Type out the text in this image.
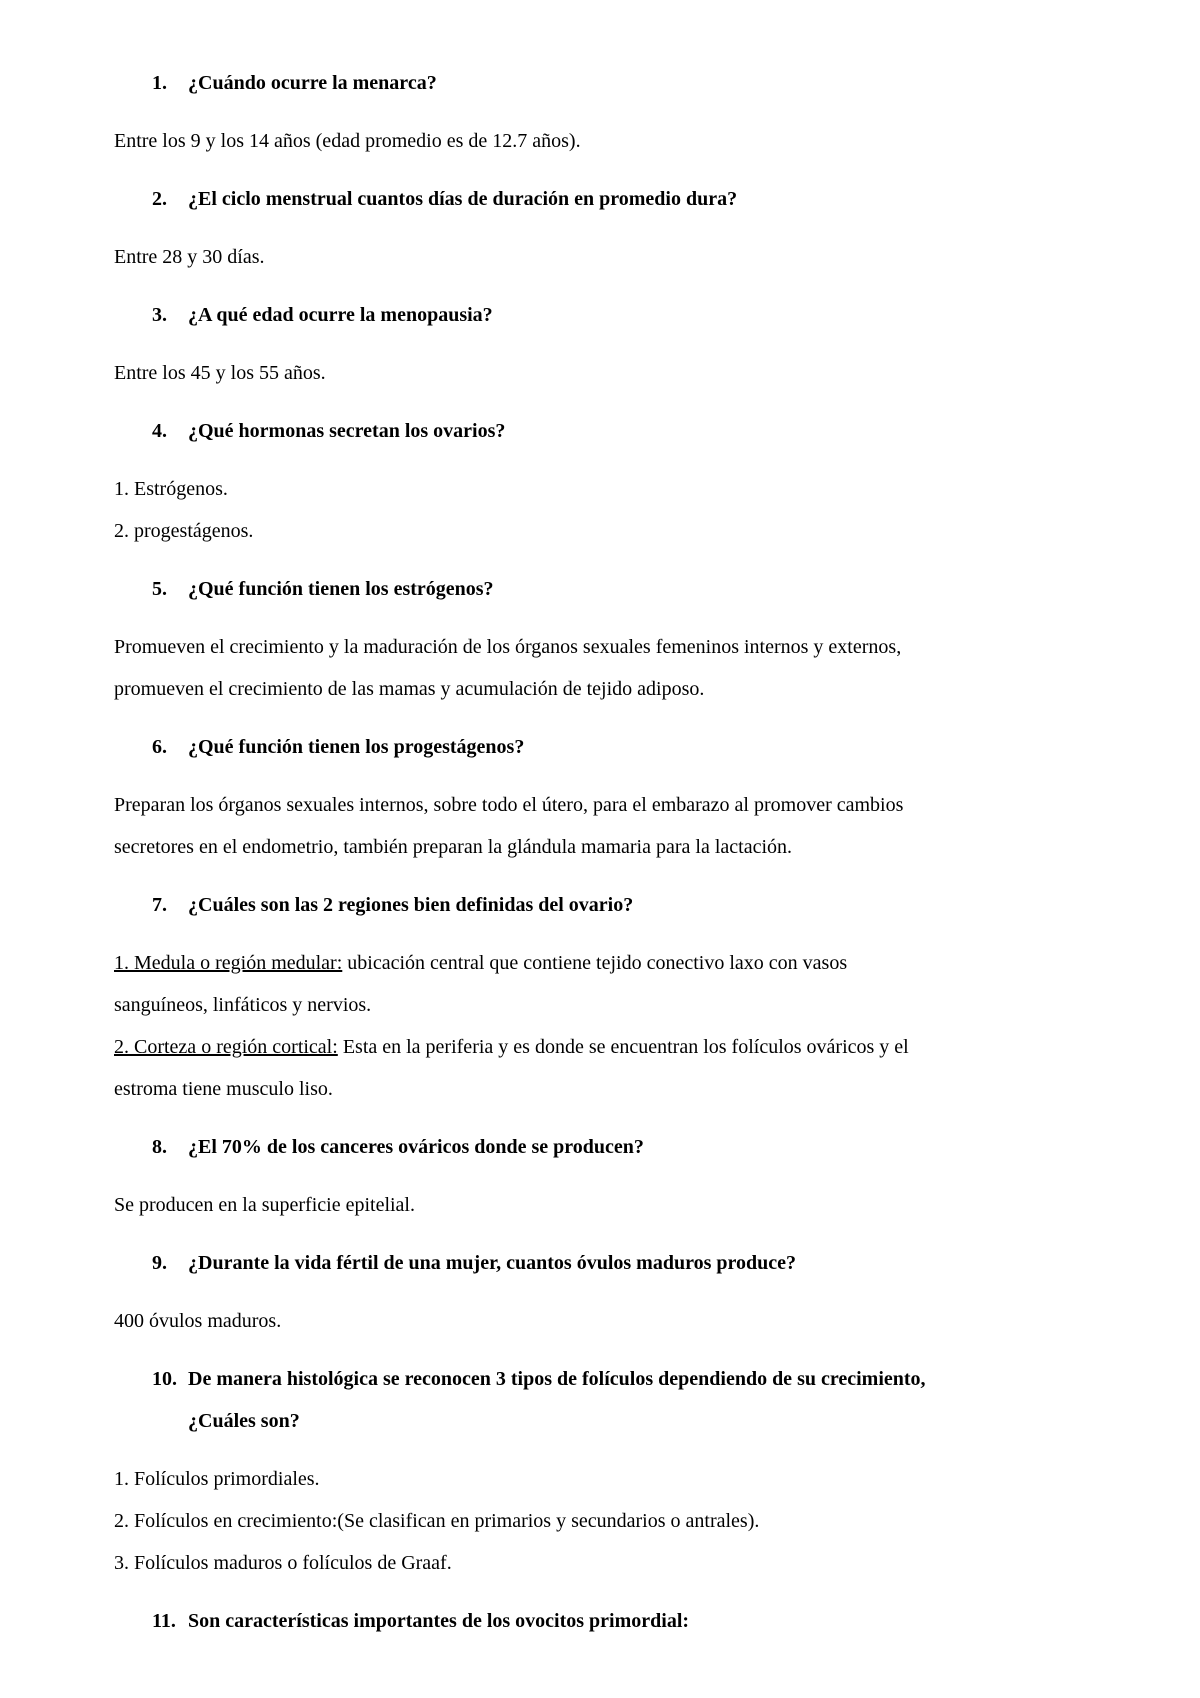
1. ¿Cuándo ocurre la menarca?
Entre los 9 y los 14 años (edad promedio es de 12.7 años).
2. ¿El ciclo menstrual cuantos días de duración en promedio dura?
Entre 28 y 30 días.
3. ¿A qué edad ocurre la menopausia?
Entre los 45 y los 55 años.
4. ¿Qué hormonas secretan los ovarios?
1. Estrógenos.
2. progestágenos.
5. ¿Qué función tienen los estrógenos?
Promueven el crecimiento y la maduración de los órganos sexuales femeninos internos y externos,
promueven el crecimiento de las mamas y acumulación de tejido adiposo.
6. ¿Qué función tienen los progestágenos?
Preparan los órganos sexuales internos, sobre todo el útero, para el embarazo al promover cambios
secretores en el endometrio, también preparan la glándula mamaria para la lactación.
7. ¿Cuáles son las 2 regiones bien definidas del ovario?
1. Medula o región medular: ubicación central que contiene tejido conectivo laxo con vasos
sanguíneos, linfáticos y nervios.
2. Corteza o región cortical: Esta en la periferia y es donde se encuentran los folículos ováricos y el
estroma tiene musculo liso.
8. ¿El 70% de los canceres ováricos donde se producen?
Se producen en la superficie epitelial.
9. ¿Durante la vida fértil de una mujer, cuantos óvulos maduros produce?
400 óvulos maduros.
10. De manera histológica se reconocen 3 tipos de folículos dependiendo de su crecimiento,
¿Cuáles son?
1. Folículos primordiales.
2. Folículos en crecimiento:(Se clasifican en primarios y secundarios o antrales).
3. Folículos maduros o folículos de Graaf.
11. Son características importantes de los ovocitos primordial:
